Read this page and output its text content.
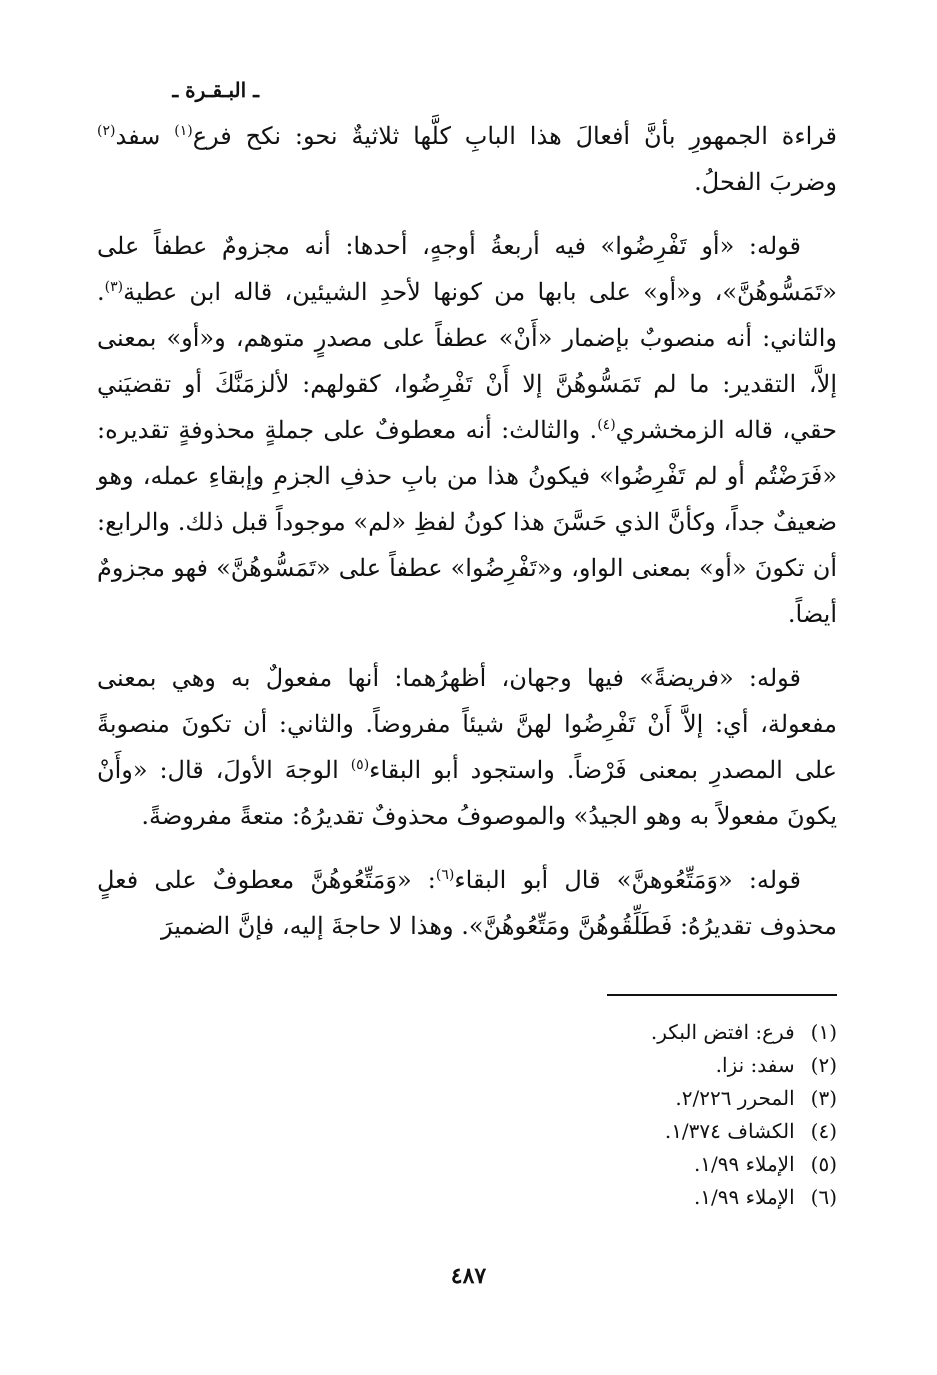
ـ البـقـرة ـ

قراءة الجمهورِ بأنَّ أفعالَ هذا البابِ كلَّها ثلاثيةٌ نحو: نكح فرع$^{(١)}$ سفد$^{(٢)}$ وضربَ الفحلُ.

قوله: «أو تَفْرِضُوا» فيه أربعةُ أوجهٍ، أحدها: أنه مجزومٌ عطفاً على «تَمَسُّوهُنَّ»، و«أو» على بابها من كونها لأحدِ الشيئين، قاله ابن عطية$^{(٣)}$. والثاني: أنه منصوبٌ بإضمار «أَنْ» عطفاً على مصدرٍ متوهم، و«أو» بمعنى إلاَّ، التقدير: ما لم تَمَسُّوهُنَّ إلا أَنْ تَفْرِضُوا، كقولهم: لألزمَنَّكَ أو تقضيَني حقي، قاله الزمخشري$^{(٤)}$. والثالث: أنه معطوفٌ على جملةٍ محذوفةٍ تقديره: «فَرَضْتُم أو لم تَفْرِضُوا» فيكونُ هذا من بابِ حذفِ الجزمِ وإبقاءِ عمله، وهو ضعيفٌ جداً، وكأنَّ الذي حَسَّنَ هذا كونُ لفظِ «لم» موجوداً قبل ذلك. والرابع: أن تكونَ «أو» بمعنى الواو، و«تَفْرِضُوا» عطفاً على «تَمَسُّوهُنَّ» فهو مجزومٌ أيضاً.

قوله: «فريضةً» فيها وجهان، أظهرُهما: أنها مفعولٌ به وهي بمعنى مفعولة، أي: إلاَّ أَنْ تَفْرِضُوا لهنَّ شيئاً مفروضاً. والثاني: أن تكونَ منصوبةً على المصدرِ بمعنى فَرْضاً. واستجود أبو البقاء$^{(٥)}$ الوجهَ الأولَ، قال: «وأَنْ يكونَ مفعولاً به وهو الجيدُ» والموصوفُ محذوفٌ تقديرُهُ: متعةً مفروضةً.

قوله: «وَمَتِّعُوهنَّ» قال أبو البقاء$^{(٦)}$: «وَمَتِّعُوهُنَّ معطوفٌ على فعلٍ محذوف تقديرُهُ: فَطَلِّقُوهُنَّ ومَتِّعُوهُنَّ». وهذا لا حاجةَ إليه، فإنَّ الضميرَ

(١) فرع: افتض البكر.
(٢) سفد: نزا.
(٣) المحرر ٢/٢٢٦.
(٤) الكشاف ١/٣٧٤.
(٥) الإملاء ١/٩٩.
(٦) الإملاء ١/٩٩.
٤٨٧
